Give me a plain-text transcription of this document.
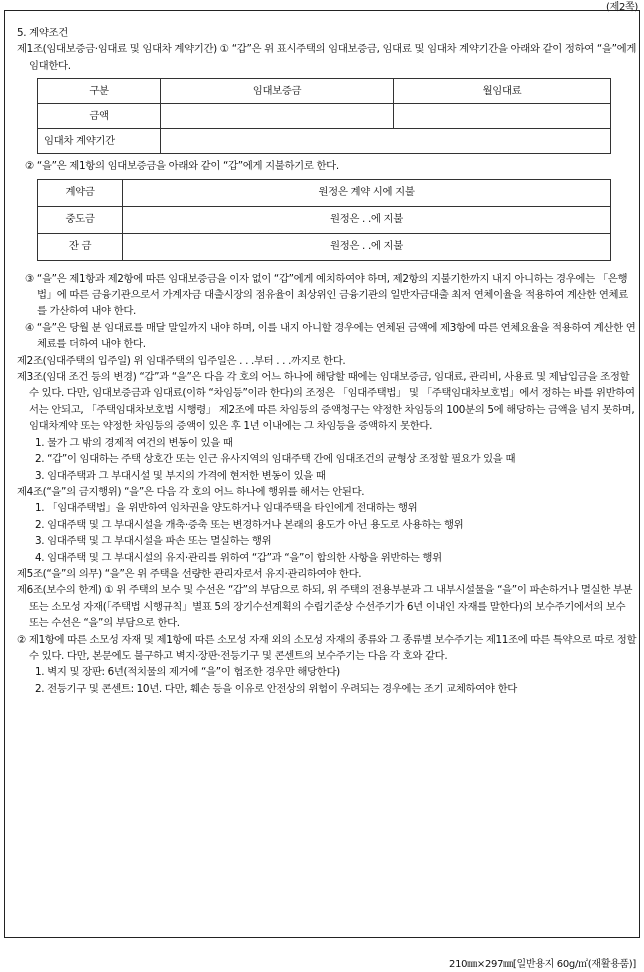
(제2쪽)

5. 계약조건

제1조(임대보증금·임대료 및 임대차 계약기간) ① “갑”은 위 표시주택의 임대보증금, 임대료 및 임대차 계약기간을 아래와 같이 정하여 “을”에게 임대한다.

구분	임대보증금	월임대료
금액		
임대차 계약기간		

② “을”은 제1항의 임대보증금을 아래와 같이 “갑”에게 지불하기로 한다.

계약금	원정은 계약 시에 지불
중도금	원정은 . .에 지불
잔 금	원정은 . .에 지불

③ “을”은 제1항과 제2항에 따른 임대보증금을 이자 없이 “갑”에게 예치하여야 하며, 제2항의 지불기한까지 내지 아니하는 경우에는 「은행법」에 따른 금융기관으로서 가계자금 대출시장의 점유율이 최상위인 금융기관의 일반자금대출 최저 연체이율을 적용하여 계산한 연체료를 가산하여 내야 한다.

④ “을”은 당월 분 임대료를 매달 말일까지 내야 하며, 이를 내지 아니할 경우에는 연체된 금액에 제3항에 따른 연체요율을 적용하여 계산한 연체료를 더하여 내야 한다.

제2조(임대주택의 입주일) 위 임대주택의 입주일은 . . .부터 . . .까지로 한다.

제3조(임대 조건 등의 변경) “갑”과 “을”은 다음 각 호의 어느 하나에 해당할 때에는 임대보증금, 임대료, 관리비, 사용료 및 제납입금을 조정할 수 있다. 다만, 임대보증금과 임대료(이하 “차임등”이라 한다)의 조정은 「임대주택법」 및 「주택임대차보호법」에서 정하는 바를 위반하여서는 안되고, 「주택임대차보호법 시행령」 제2조에 따른 차임등의 증액청구는 약정한 차임등의 100분의 5에 해당하는 금액을 넘지 못하며, 임대차계약 또는 약정한 차임등의 증액이 있은 후 1년 이내에는 그 차임등을 증액하지 못한다.

1. 물가 그 밖의 경제적 여건의 변동이 있을 때

2. “갑”이 임대하는 주택 상호간 또는 인근 유사지역의 임대주택 간에 임대조건의 균형상 조정할 필요가 있을 때

3. 임대주택과 그 부대시설 및 부지의 가격에 현저한 변동이 있을 때

제4조(“을”의 금지행위) “을”은 다음 각 호의 어느 하나에 행위를 해서는 안된다.

1. 「임대주택법」을 위반하여 임차권을 양도하거나 임대주택을 타인에게 전대하는 행위

2. 임대주택 및 그 부대시설을 개축·증축 또는 변경하거나 본래의 용도가 아닌 용도로 사용하는 행위

3. 임대주택 및 그 부대시설을 파손 또는 멸실하는 행위

4. 임대주택 및 그 부대시설의 유지·관리를 위하여 “갑”과 “을”이 합의한 사항을 위반하는 행위

제5조(“을”의 의무) “을”은 위 주택을 선량한 관리자로서 유지·관리하여야 한다.

제6조(보수의 한계) ① 위 주택의 보수 및 수선은 “갑”의 부담으로 하되, 위 주택의 전용부분과 그 내부시설물을 “을”이 파손하거나 멸실한 부분 또는 소모성 자재(「주택법 시행규칙」별표 5의 장기수선계획의 수립기준상 수선주기가 6년 이내인 자재를 말한다)의 보수주기에서의 보수 또는 수선은 “을”의 부담으로 한다.

② 제1항에 따른 소모성 자재 및 제1항에 따른 소모성 자재 외의 소모성 자재의 종류와 그 종류별 보수주기는 제11조에 따른 특약으로 따로 정할 수 있다. 다만, 본문에도 불구하고 벽지·장판·전등기구 및 콘센트의 보수주기는 다음 각 호와 같다.

1. 벽지 및 장판: 6년(적치물의 제거에 “을”이 협조한 경우만 해당한다)

2. 전등기구 및 콘센트: 10년. 다만, 훼손 등을 이유로 안전상의 위험이 우려되는 경우에는 조기 교체하여야 한다

210㎜×297㎜[일반용지 60g/㎡(재활용품)]
